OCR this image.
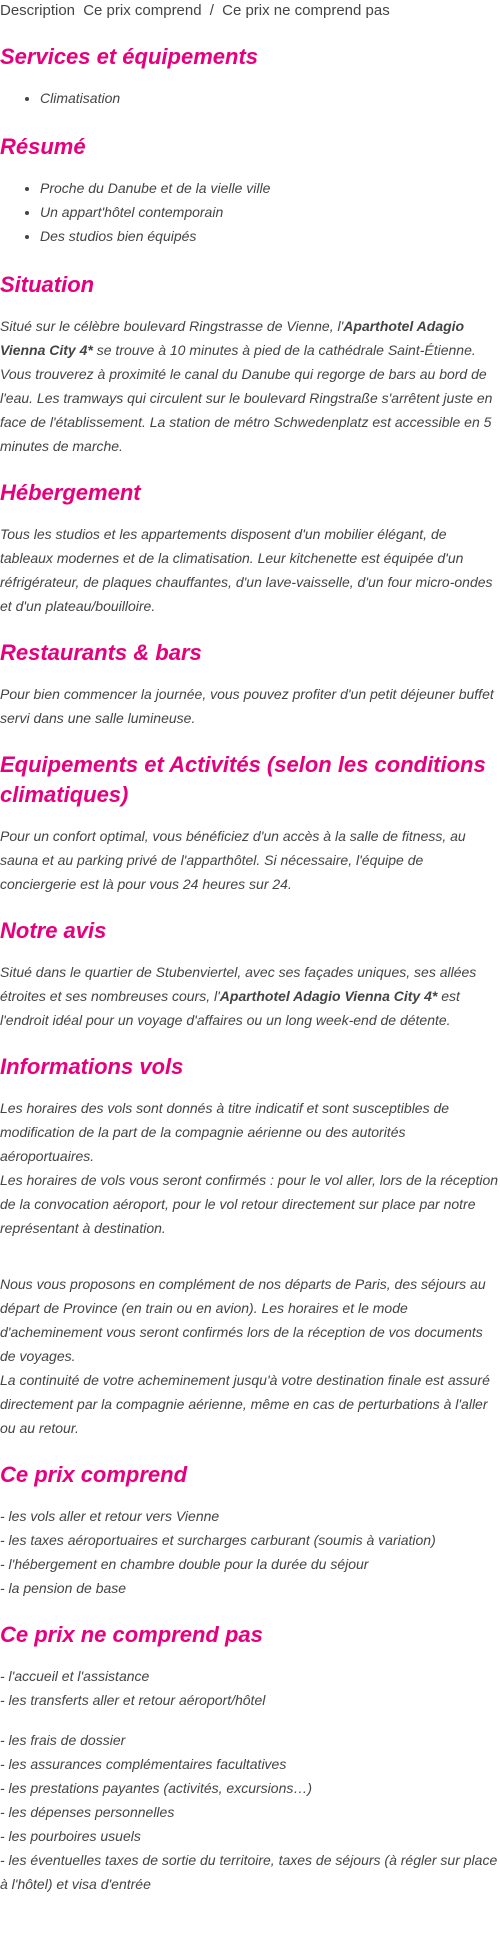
Description Ce prix comprend / Ce prix ne comprend pas
Services et équipements
• Climatisation
Résumé
• Proche du Danube et de la vielle ville
• Un appart'hôtel contemporain
• Des studios bien équipés
Situation

Situé sur le célèbre boulevard Ringstrasse de Vienne, l'Aparthotel Adagio Vienna City 4* se trouve à 10 minutes à pied de la cathédrale Saint-Étienne. Vous trouverez à proximité le canal du Danube qui regorge de bars au bord de l'eau. Les tramways qui circulent sur le boulevard Ringstraße s'arrêtent juste en face de l'établissement. La station de métro Schwedenplatz est accessible en 5 minutes de marche.

Hébergement

Tous les studios et les appartements disposent d'un mobilier élégant, de tableaux modernes et de la climatisation. Leur kitchenette est équipée d'un réfrigérateur, de plaques chauffantes, d'un lave-vaisselle, d'un four micro-ondes et d'un plateau/bouilloire.

Restaurants & bars

Pour bien commencer la journée, vous pouvez profiter d'un petit déjeuner buffet servi dans une salle lumineuse.

Equipements et Activités (selon les conditions climatiques)

Pour un confort optimal, vous bénéficiez d'un accès à la salle de fitness, au sauna et au parking privé de l'apparthôtel. Si nécessaire, l'équipe de conciergerie est là pour vous 24 heures sur 24.

Notre avis

Situé dans le quartier de Stubenviertel, avec ses façades uniques, ses allées étroites et ses nombreuses cours, l'Aparthotel Adagio Vienna City 4* est l'endroit idéal pour un voyage d'affaires ou un long week-end de détente.

Informations vols

Les horaires des vols sont donnés à titre indicatif et sont susceptibles de modification de la part de la compagnie aérienne ou des autorités aéroportuaires.
Les horaires de vols vous seront confirmés : pour le vol aller, lors de la réception de la convocation aéroport, pour le vol retour directement sur place par notre représentant à destination.

Nous vous proposons en complément de nos départs de Paris, des séjours au départ de Province (en train ou en avion). Les horaires et le mode d'acheminement vous seront confirmés lors de la réception de vos documents de voyages.
La continuité de votre acheminement jusqu'à votre destination finale est assuré directement par la compagnie aérienne, même en cas de perturbations à l'aller ou au retour.

Ce prix comprend

- les vols aller et retour vers Vienne
- les taxes aéroportuaires et surcharges carburant (soumis à variation)
- l'hébergement en chambre double pour la durée du séjour
- la pension de base

Ce prix ne comprend pas

- l'accueil et l'assistance
- les transferts aller et retour aéroport/hôtel

- les frais de dossier
- les assurances complémentaires facultatives
- les prestations payantes (activités, excursions…)
- les dépenses personnelles
- les pourboires usuels
- les éventuelles taxes de sortie du territoire, taxes de séjours (à régler sur place à l'hôtel) et visa d'entrée
